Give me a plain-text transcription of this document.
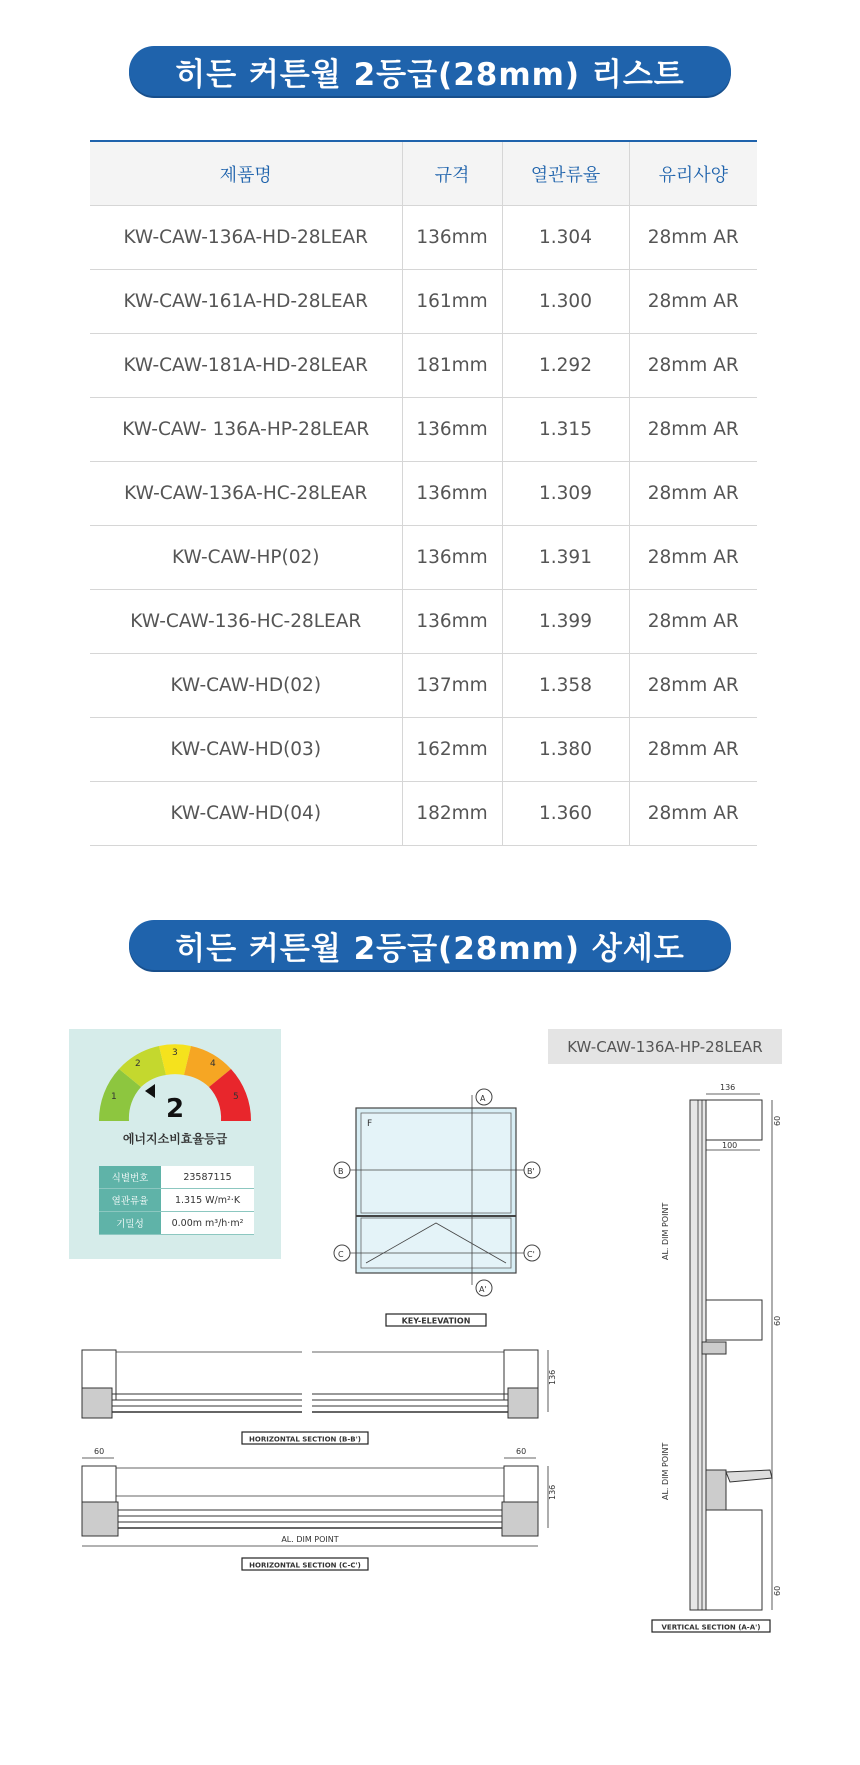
히든 커튼월 2등급(28mm) 리스트
제품명	규격	열관류율	유리사양
KW-CAW-136A-HD-28LEAR	136mm	1.304	28mm AR
KW-CAW-161A-HD-28LEAR	161mm	1.300	28mm AR
KW-CAW-181A-HD-28LEAR	181mm	1.292	28mm AR
KW-CAW- 136A-HP-28LEAR	136mm	1.315	28mm AR
KW-CAW-136A-HC-28LEAR	136mm	1.309	28mm AR
KW-CAW-HP(02)	136mm	1.391	28mm AR
KW-CAW-136-HC-28LEAR	136mm	1.399	28mm AR
KW-CAW-HD(02)	137mm	1.358	28mm AR
KW-CAW-HD(03)	162mm	1.380	28mm AR
KW-CAW-HD(04)	182mm	1.360	28mm AR
히든 커튼월 2등급(28mm) 상세도
1
2
3
4
5
2
에너지소비효율등급
식별번호	23587115
열관류율	1.315 W/m²·K
기밀성	0.00m m³/h·m²
KW-CAW-136A-HP-28LEAR
F
A
A'
B	B'
C	C'
KEY-ELEVATION
136
HORIZONTAL SECTION (B-B')
60	60
136
AL. DIM POINT
HORIZONTAL SECTION (C-C')
136
100
60
60
60
AL. DIM POINT
AL. DIM POINT
VERTICAL SECTION (A-A')
